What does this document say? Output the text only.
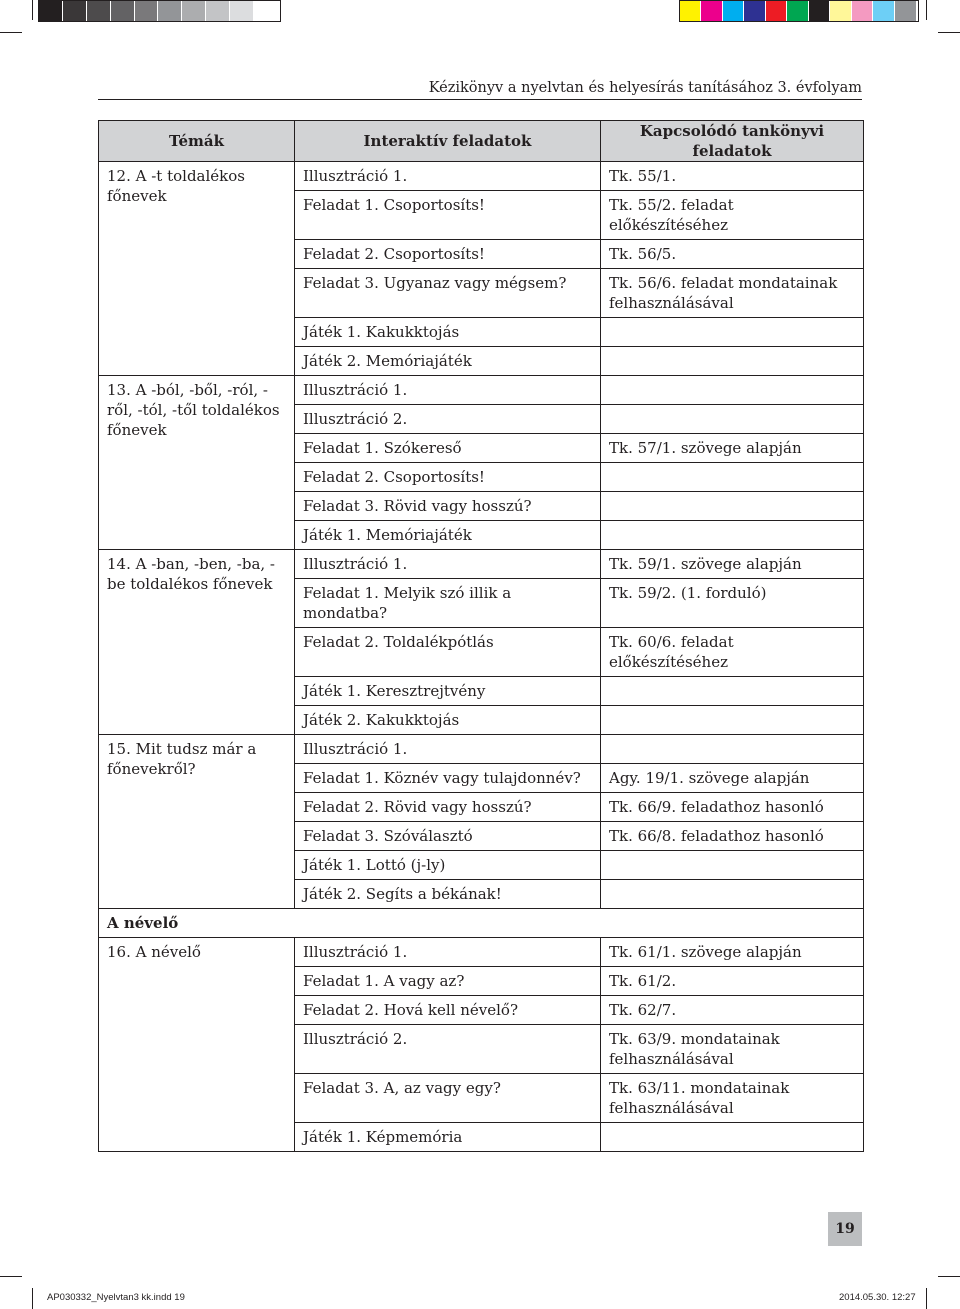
Kézikönyv a nyelvtan és helyesírás tanításához 3. évfolyam
Témák	Interaktív feladatok	Kapcsolódó tankönyvi feladatok
12. A -t toldalékos főnevek	Illusztráció 1.	Tk. 55/1.
	Feladat 1. Csoportosíts!	Tk. 55/2. feladat előkészítéséhez
	Feladat 2. Csoportosíts!	Tk. 56/5.
	Feladat 3. Ugyanaz vagy mégsem?	Tk. 56/6. feladat mondatainak felhasználásával
	Játék 1. Kakukktojás	
	Játék 2. Memóriajáték	
13. A -ból, -ből, -ról, -ről, -tól, -től toldalékos főnevek	Illusztráció 1.	
	Illusztráció 2.	
	Feladat 1. Szókereső	Tk. 57/1. szövege alapján
	Feladat 2. Csoportosíts!	
	Feladat 3. Rövid vagy hosszú?	
	Játék 1. Memóriajáték	
14. A -ban, -ben, -ba, -be toldalékos főnevek	Illusztráció 1.	Tk. 59/1. szövege alapján
	Feladat 1. Melyik szó illik a mondatba?	Tk. 59/2. (1. forduló)
	Feladat 2. Toldalékpótlás	Tk. 60/6. feladat előkészítéséhez
	Játék 1. Keresztrejtvény	
	Játék 2. Kakukktojás	
15. Mit tudsz már a főnevekről?	Illusztráció 1.	
	Feladat 1. Köznév vagy tulajdonnév?	Agy. 19/1. szövege alapján
	Feladat 2. Rövid vagy hosszú?	Tk. 66/9. feladathoz hasonló
	Feladat 3. Szóválasztó	Tk. 66/8. feladathoz hasonló
	Játék 1. Lottó (j-ly)	
	Játék 2. Segíts a békának!	
A névelő		
16. A névelő	Illusztráció 1.	Tk. 61/1. szövege alapján
	Feladat 1. A vagy az?	Tk. 61/2.
	Feladat 2. Hová kell névelő?	Tk. 62/7.
	Illusztráció 2.	Tk. 63/9. mondatainak felhasználásával
	Feladat 3. A, az vagy egy?	Tk. 63/11. mondatainak felhasználásával
	Játék 1. Képmemória	
19
AP030332_Nyelvtan3 kk.indd 19	2014.05.30. 12:27
